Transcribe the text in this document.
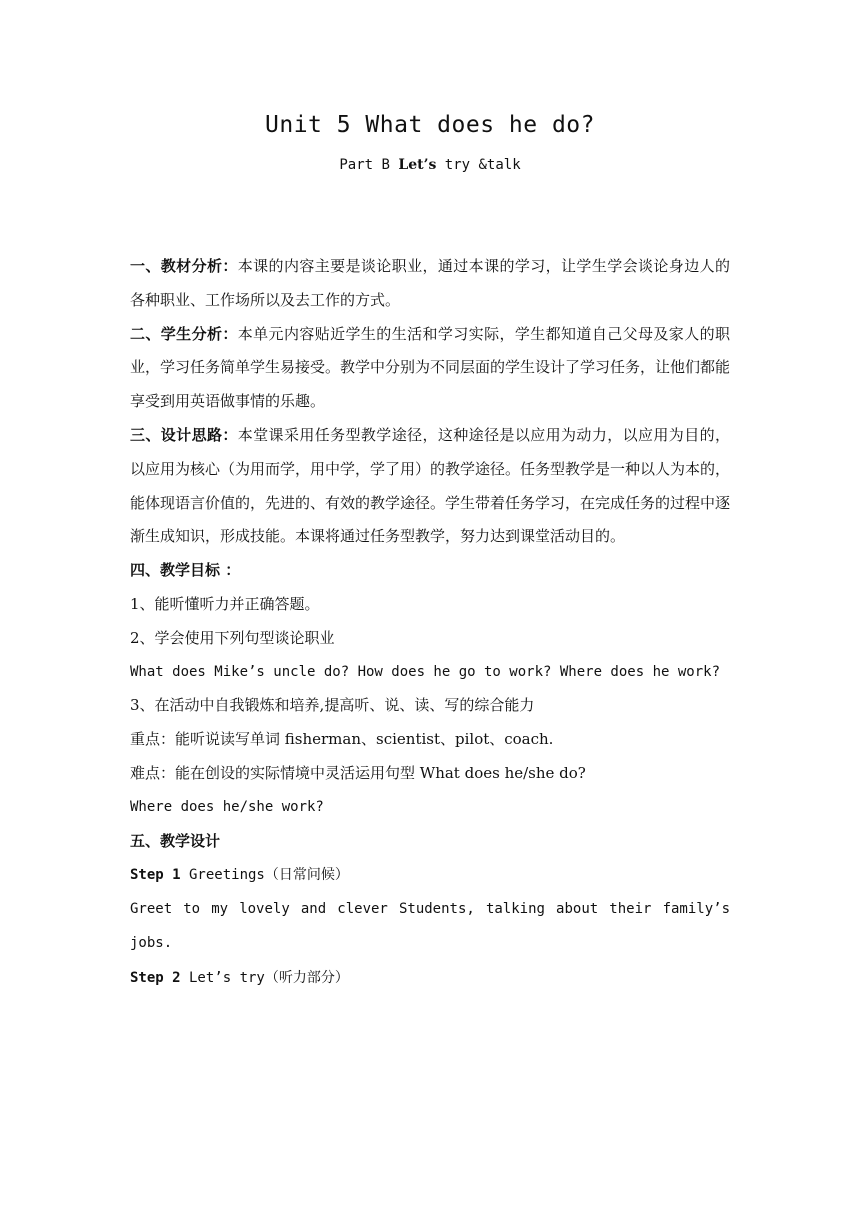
Unit 5 What does he do?
Part B Let’s try &talk

一、教材分析：本课的内容主要是谈论职业，通过本课的学习，让学生学会谈论身边人的各种职业、工作场所以及去工作的方式。

二、学生分析：本单元内容贴近学生的生活和学习实际，学生都知道自己父母及家人的职业，学习任务简单学生易接受。教学中分别为不同层面的学生设计了学习任务，让他们都能享受到用英语做事情的乐趣。

三、设计思路：本堂课采用任务型教学途径，这种途径是以应用为动力，以应用为目的，以应用为核心（为用而学，用中学，学了用）的教学途径。任务型教学是一种以人为本的，能体现语言价值的，先进的、有效的教学途径。学生带着任务学习，在完成任务的过程中逐渐生成知识，形成技能。本课将通过任务型教学，努力达到课堂活动目的。

四、教学目标 ：

1、能听懂听力并正确答题。

2、学会使用下列句型谈论职业

What does Mike’s uncle do? How does he go to work? Where does he work?

3、在活动中自我锻炼和培养,提高听、说、读、写的综合能力

重点：能听说读写单词 fisherman、scientist、pilot、coach.

难点：能在创设的实际情境中灵活运用句型 What does he/she do?

Where does he/she work?

五、教学设计

Step 1 Greetings（日常问候）

Greet to my lovely and clever Students, talking about their family’s jobs.

Step 2 Let’s try（听力部分）
